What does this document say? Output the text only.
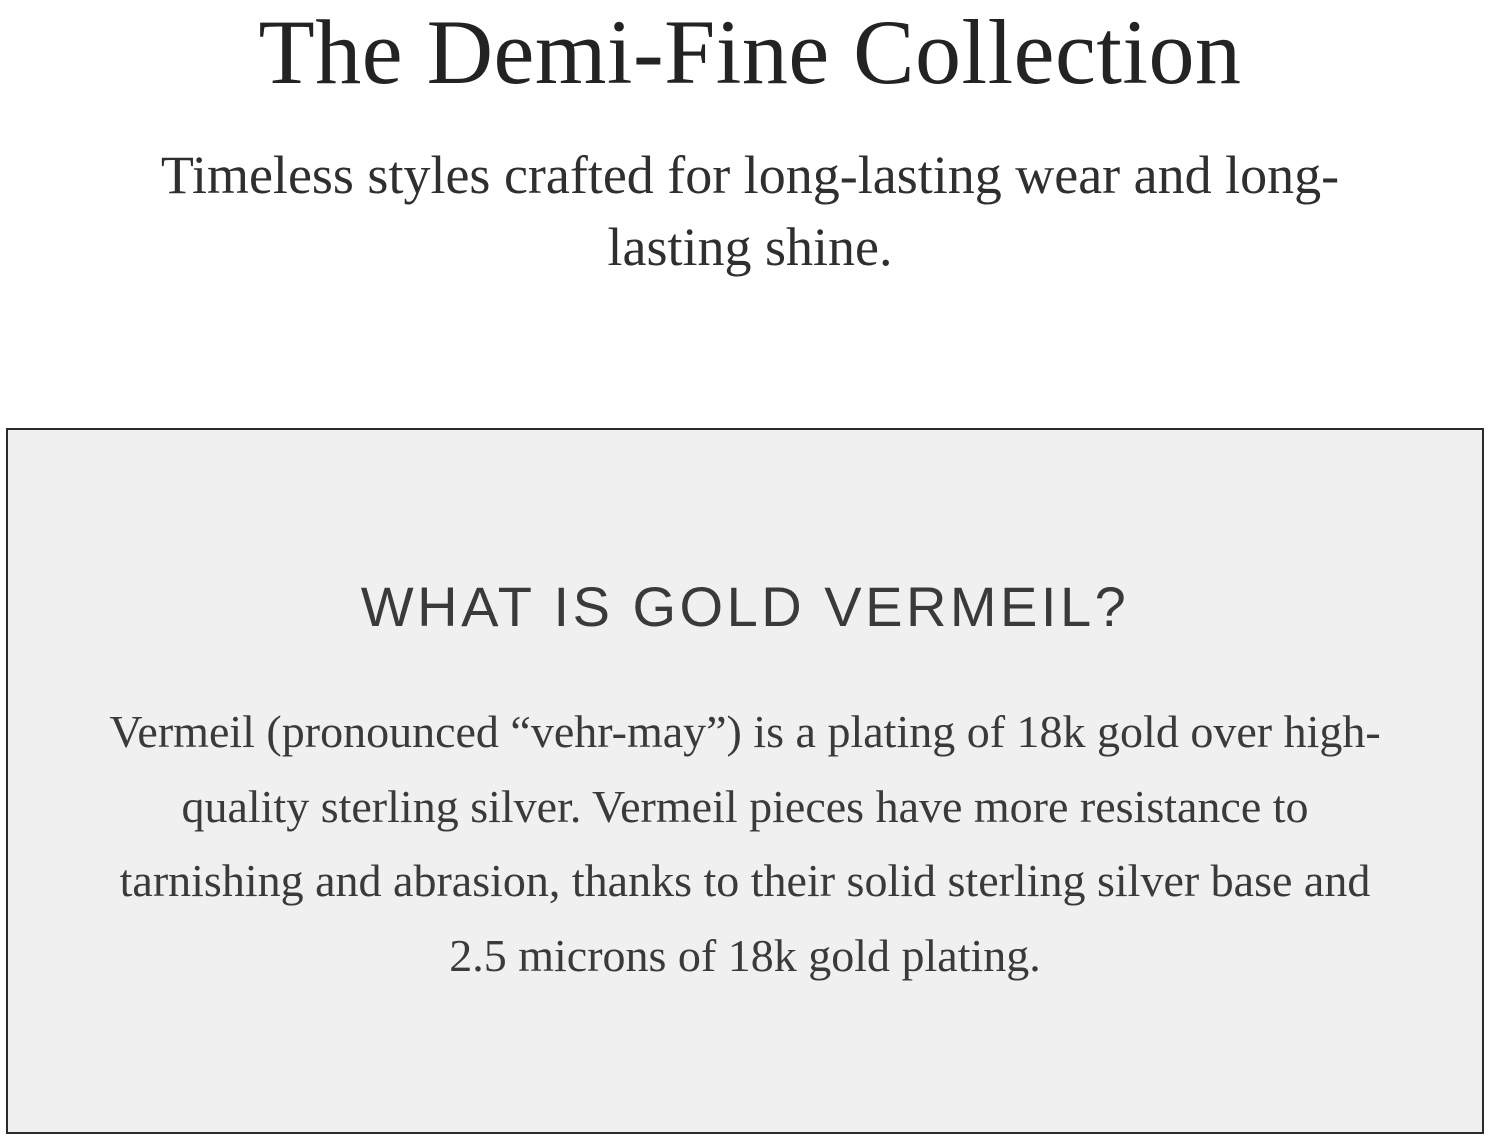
The Demi-Fine Collection

Timeless styles crafted for long-lasting wear and long-lasting shine.

WHAT IS GOLD VERMEIL?

Vermeil (pronounced “vehr-may”) is a plating of 18k gold over high-quality sterling silver. Vermeil pieces have more resistance to tarnishing and abrasion, thanks to their solid sterling silver base and 2.5 microns of 18k gold plating.
